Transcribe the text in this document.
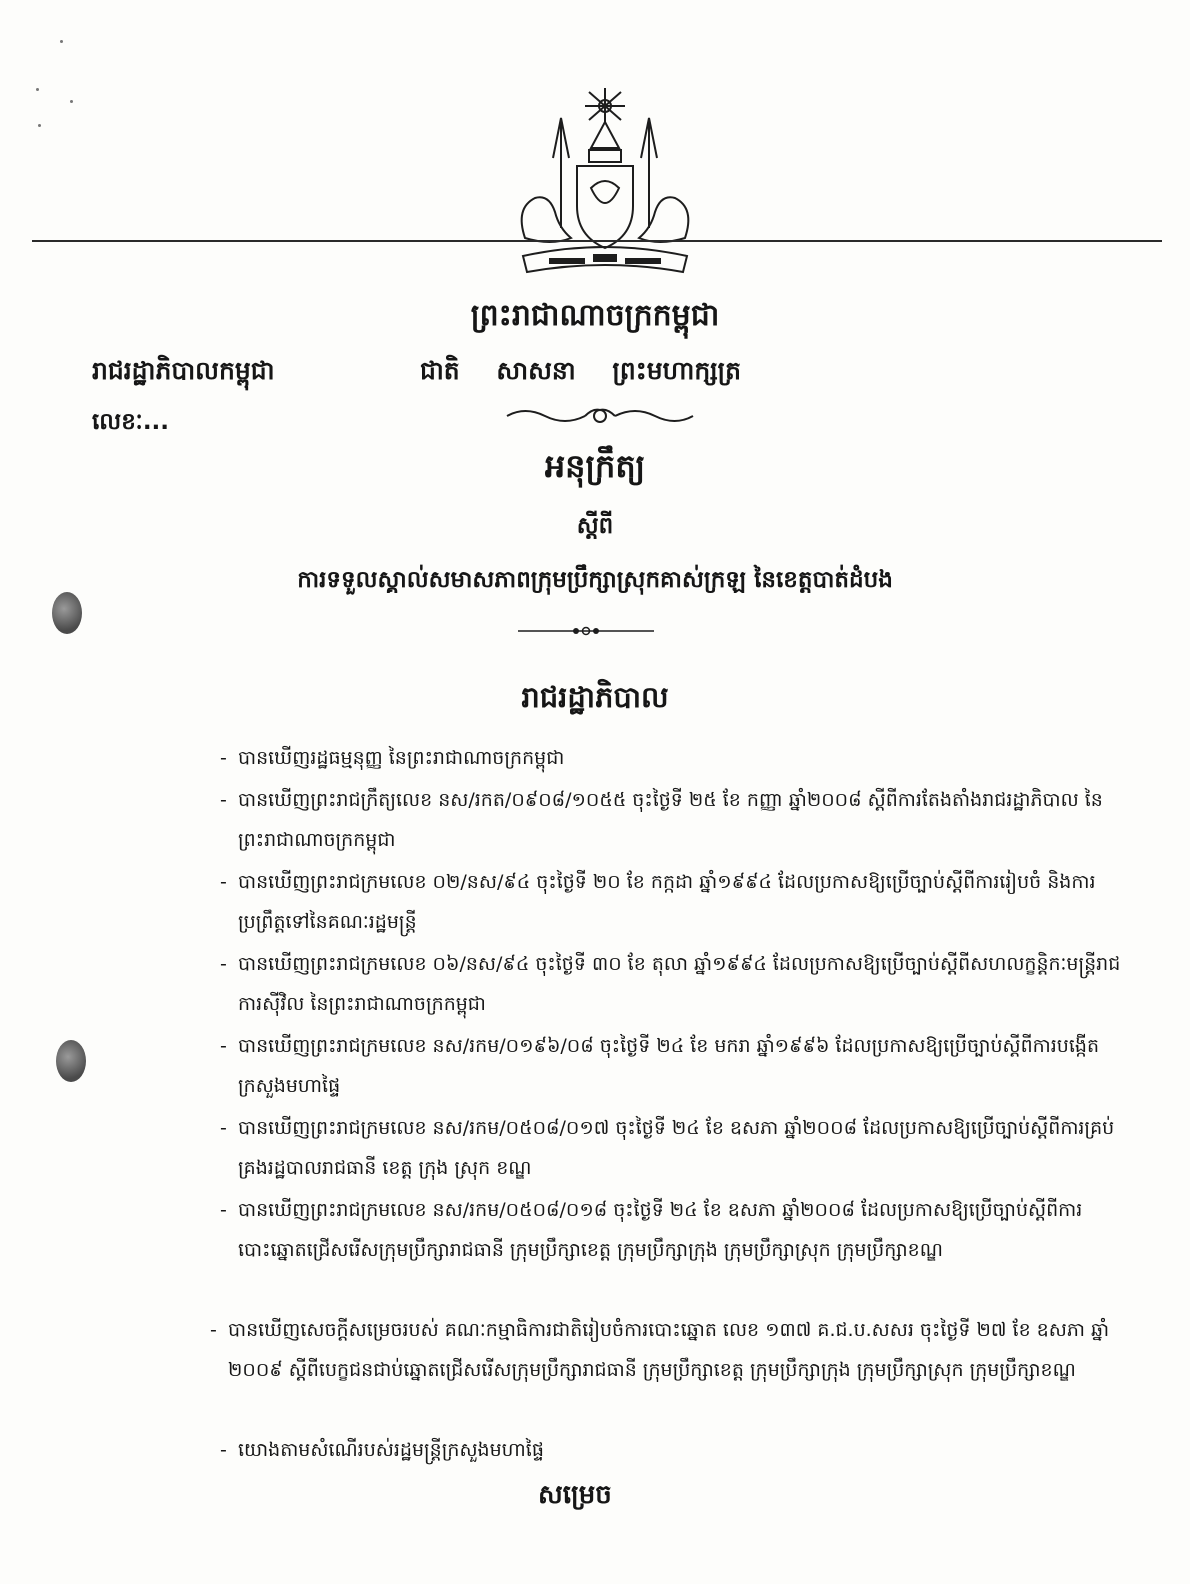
ព្រះរាជាណាចក្រកម្ពុជា
រាជរដ្ឋាភិបាលកម្ពុជា	ជាតិ សាសនា ព្រះមហាក្សត្រ
លេខៈ...
អនុក្រឹត្យ
ស្តីពី
ការទទួលស្គាល់សមាសភាពក្រុមប្រឹក្សាស្រុកគាស់ក្រឡ នៃខេត្តបាត់ដំបង
រាជរដ្ឋាភិបាល
- បានឃើញរដ្ឋធម្មនុញ្ញ នៃព្រះរាជាណាចក្រកម្ពុជា
- បានឃើញព្រះរាជក្រឹត្យលេខ នស/រកត/០៩០៨/១០៥៥ ចុះថ្ងៃទី ២៥ ខែ កញ្ញា ឆ្នាំ២០០៨ ស្តីពីការតែងតាំងរាជរដ្ឋាភិបាល នៃព្រះរាជាណាចក្រកម្ពុជា
- បានឃើញព្រះរាជក្រមលេខ ០២/នស/៩៤ ចុះថ្ងៃទី ២០ ខែ កក្កដា ឆ្នាំ១៩៩៤ ដែលប្រកាសឱ្យប្រើច្បាប់ស្តីពីការរៀបចំ និងការប្រព្រឹត្តទៅនៃគណៈរដ្ឋមន្ត្រី
- បានឃើញព្រះរាជក្រមលេខ ០៦/នស/៩៤ ចុះថ្ងៃទី ៣០ ខែ តុលា ឆ្នាំ១៩៩៤ ដែលប្រកាសឱ្យប្រើច្បាប់ស្តីពីសហលក្ខន្តិកៈមន្ត្រីរាជការស៊ីវិល នៃព្រះរាជាណាចក្រកម្ពុជា
- បានឃើញព្រះរាជក្រមលេខ នស/រកម/០១៩៦/០៨ ចុះថ្ងៃទី ២៤ ខែ មករា ឆ្នាំ១៩៩៦ ដែលប្រកាសឱ្យប្រើច្បាប់ស្តីពីការបង្កើតក្រសួងមហាផ្ទៃ
- បានឃើញព្រះរាជក្រមលេខ នស/រកម/០៥០៨/០១៧ ចុះថ្ងៃទី ២៤ ខែ ឧសភា ឆ្នាំ២០០៨ ដែលប្រកាសឱ្យប្រើច្បាប់ស្តីពីការគ្រប់គ្រងរដ្ឋបាលរាជធានី ខេត្ត ក្រុង ស្រុក ខណ្ឌ
- បានឃើញព្រះរាជក្រមលេខ នស/រកម/០៥០៨/០១៨ ចុះថ្ងៃទី ២៤ ខែ ឧសភា ឆ្នាំ២០០៨ ដែលប្រកាសឱ្យប្រើច្បាប់ស្តីពីការបោះឆ្នោតជ្រើសរើសក្រុមប្រឹក្សារាជធានី ក្រុមប្រឹក្សាខេត្ត ក្រុមប្រឹក្សាក្រុង ក្រុមប្រឹក្សាស្រុក ក្រុមប្រឹក្សាខណ្ឌ
- បានឃើញសេចក្តីសម្រេចរបស់ គណៈកម្មាធិការជាតិរៀបចំការបោះឆ្នោត លេខ ១៣៧ គ.ជ.ប.សសរ ចុះថ្ងៃទី ២៧ ខែ ឧសភា ឆ្នាំ ២០០៩ ស្តីពីបេក្ខជនជាប់ឆ្នោតជ្រើសរើសក្រុមប្រឹក្សារាជធានី ក្រុមប្រឹក្សាខេត្ត ក្រុមប្រឹក្សាក្រុង ក្រុមប្រឹក្សាស្រុក ក្រុមប្រឹក្សាខណ្ឌ
- យោងតាមសំណើរបស់រដ្ឋមន្ត្រីក្រសួងមហាផ្ទៃ
សម្រេច
